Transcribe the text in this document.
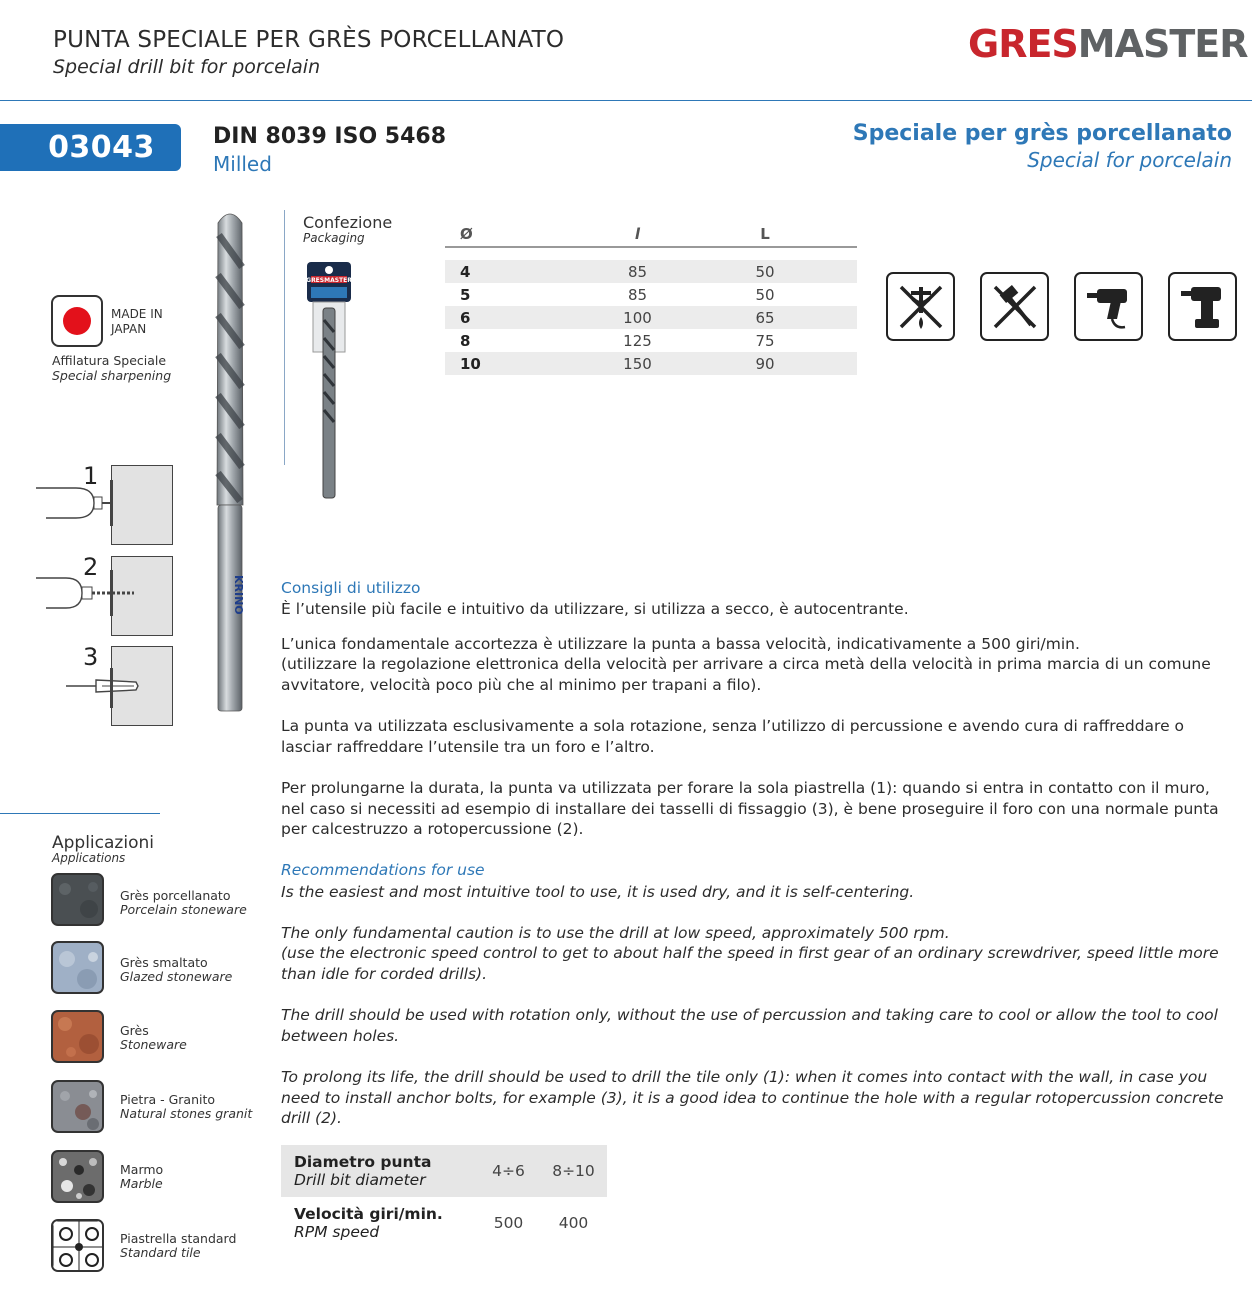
PUNTA SPECIALE PER GRÈS PORCELLANATO
Special drill bit for porcelain
GRESMASTER
03043	DIN 8039 ISO 5468
Milled
Speciale per grès porcellanato
Special for porcelain
MADE IN JAPAN
Affilatura Speciale
Special sharpening
KRINO
Confezione
Packaging
GRESMASTER
Ø	l	L
4	85	50
5	85	50
6	100	65
8	125	75
10	150	90
1
2
3
Applicazioni
Applications
Grès porcellanato
Porcelain stoneware
Grès smaltato
Glazed stoneware
Grès
Stoneware
Pietra - Granito
Natural stones granit
Marmo
Marble
Piastrella standard
Standard tile
Consigli di utilizzo
È l’utensile più facile e intuitivo da utilizzare, si utilizza a secco, è autocentrante.
L’unica fondamentale accortezza è utilizzare la punta a bassa velocità, indicativamente a 500 giri/min.
(utilizzare la regolazione elettronica della velocità per arrivare a circa metà della velocità in prima marcia di un comune avvitatore, velocità poco più che al minimo per trapani a filo).
La punta va utilizzata esclusivamente a sola rotazione, senza l’utilizzo di percussione e avendo cura di raffreddare o lasciar raffreddare l’utensile tra un foro e l’altro.
Per prolungarne la durata, la punta va utilizzata per forare la sola piastrella (1): quando si entra in contatto con il muro, nel caso si necessiti ad esempio di installare dei tasselli di fissaggio (3), è bene proseguire il foro con una normale punta per calcestruzzo a rotopercussione (2).
Recommendations for use
Is the easiest and most intuitive tool to use, it is used dry, and it is self-centering.
The only fundamental caution is to use the drill at low speed, approximately 500 rpm.
(use the electronic speed control to get to about half the speed in first gear of an ordinary screwdriver, speed little more than idle for corded drills).
The drill should be used with rotation only, without the use of percussion and taking care to cool or allow the tool to cool between holes.
To prolong its life, the drill should be used to drill the tile only (1): when it comes into contact with the wall, in case you need to install anchor bolts, for example (3), it is a good idea to continue the hole with a regular rotopercussion concrete drill (2).
Diametro punta
Drill bit diameter	4÷6	8÷10
Velocità giri/min.
RPM speed	500	400
